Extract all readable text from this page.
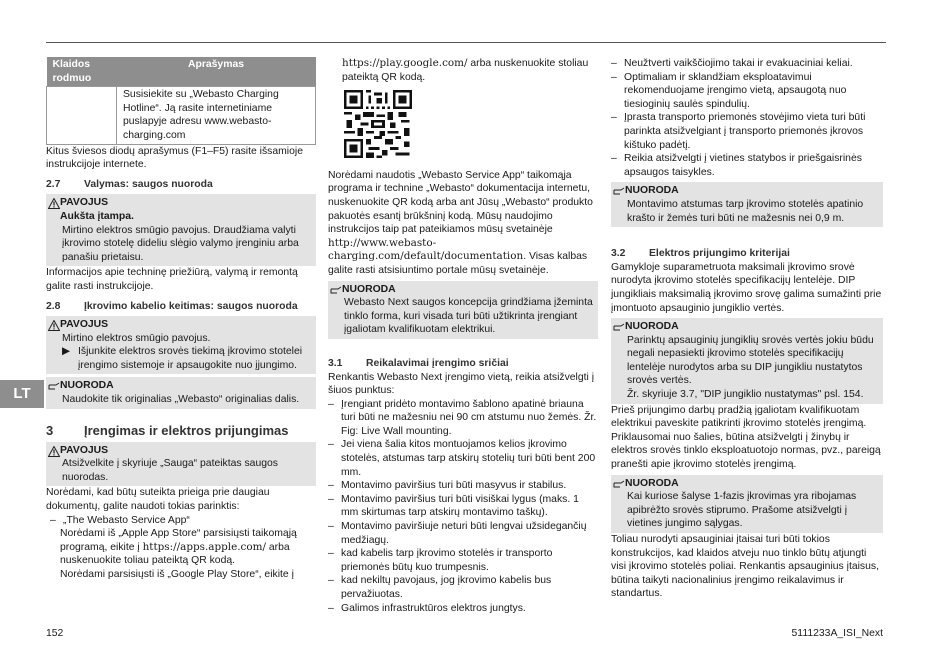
LT
Klaidos rodmuo	Aprašymas
	Susisiekite su „Webasto Charging Hotline“. Ją rasite internetiniame puslapyje adresu www.webasto-charging.com

Kitus šviesos diodų aprašymus (F1–F5) rasite išsamioje instrukcijoje internete.

2.7	Valymas: saugos nuoroda
PAVOJUS
Aukšta įtampa.
Mirtino elektros smūgio pavojus. Draudžiama valyti įkrovimo stotelę dideliu slėgio valymo įrenginiu arba panašiu prietaisu.

Informacijos apie techninę priežiūrą, valymą ir remontą galite rasti instrukcijoje.

2.8	Įkrovimo kabelio keitimas: saugos nuoroda
PAVOJUS
Mirtino elektros smūgio pavojus.
▶ Išjunkite elektros srovės tiekimą įkrovimo stotelei įrengimo sistemoje ir apsaugokite nuo įjungimo.
NUORODA
Naudokite tik originalias „Webasto“ originalias dalis.
3	Įrengimas ir elektros prijungimas
PAVOJUS
Atsižvelkite į skyriuje „Sauga“ pateiktas saugos nuorodas.

Norėdami, kad būtų suteikta prieiga prie daugiau dokumentų, galite naudoti tokias parinktis:

– „The Webasto Service App“

Norėdami iš „Apple App Store“ parsisiųsti taikomąją programą, eikite į https://apps.apple.com/ arba nuskenuokite toliau pateiktą QR kodą.

Norėdami parsisiųsti iš „Google Play Store“, eikite į

https://play.google.com/ arba nuskenuokite stoliau pateiktą QR kodą.

Norėdami naudotis „Webasto Service App“ taikomąja programa ir technine „Webasto“ dokumentacija internetu, nuskenuokite QR kodą arba ant Jūsų „Webasto“ produkto pakuotės esantį brūkšninį kodą. Mūsų naudojimo instrukcijos taip pat pateikiamos mūsų svetainėje http://www.webasto-charging.com/default/documentation. Visas kalbas galite rasti atsisiuntimo portale mūsų svetainėje.

NUORODA
Webasto Next saugos koncepcija grindžiama įžeminta tinklo forma, kuri visada turi būti užtikrinta įrengiant įgaliotam kvalifikuotam elektrikui.
3.1	Reikalavimai įrengimo sričiai

Renkantis Webasto Next įrengimo vietą, reikia atsižvelgti į šiuos punktus:

– Įrengiant pridėto montavimo šablono apatinė briauna turi būti ne mažesniu nei 90 cm atstumu nuo žemės. Žr. Fig: Live Wall mounting.
– Jei viena šalia kitos montuojamos kelios įkrovimo stotelės, atstumas tarp atskirų stotelių turi būti bent 200 mm.
– Montavimo paviršius turi būti masyvus ir stabilus.
– Montavimo paviršius turi būti visiškai lygus (maks. 1 mm skirtumas tarp atskirų montavimo taškų).
– Montavimo paviršiuje neturi būti lengvai užsidegančių medžiagų.
– kad kabelis tarp įkrovimo stotelės ir transporto priemonės būtų kuo trumpesnis.
– kad nekiltų pavojaus, jog įkrovimo kabelis bus pervažiuotas.
– Galimos infrastruktūros elektros jungtys.
– Neužtverti vaikščiojimo takai ir evakuaciniai keliai.
– Optimaliam ir sklandžiam eksploatavimui rekomenduojame įrengimo vietą, apsaugotą nuo tiesioginių saulės spindulių.
– Įprasta transporto priemonės stovėjimo vieta turi būti parinkta atsižvelgiant į transporto priemonės įkrovos kištuko padėtį.
– Reikia atsižvelgti į vietines statybos ir priešgaisrinės apsaugos taisykles.
NUORODA
Montavimo atstumas tarp įkrovimo stotelės apatinio krašto ir žemės turi būti ne mažesnis nei 0,9 m.
3.2	Elektros prijungimo kriterijai

Gamykloje suparametruota maksimali įkrovimo srovė nurodyta įkrovimo stotelės specifikacijų lentelėje. DIP jungikliais maksimalią įkrovimo srovę galima sumažinti prie įmontuoto apsauginio jungiklio vertės.

NUORODA
Parinktų apsauginių jungiklių srovės vertės jokiu būdu negali nepasiekti įkrovimo stotelės specifikacijų lentelėje nurodytos arba su DIP jungikliu nustatytos srovės vertės.
Žr. skyriuje 3.7, "DIP jungiklio nustatymas" psl. 154.

Prieš prijungimo darbų pradžią įgaliotam kvalifikuotam elektrikui paveskite patikrinti įkrovimo stotelės įrengimą. Priklausomai nuo šalies, būtina atsižvelgti į žinybų ir elektros srovės tinklo eksploatuotojo normas, pvz., pareigą pranešti apie įkrovimo stotelės įrengimą.

NUORODA
Kai kuriose šalyse 1-fazis įkrovimas yra ribojamas apibrėžto srovės stiprumo. Prašome atsižvelgti į vietines jungimo sąlygas.

Toliau nurodyti apsauginiai įtaisai turi būti tokios konstrukcijos, kad klaidos atveju nuo tinklo būtų atjungti visi įkrovimo stotelės poliai. Renkantis apsauginius įtaisus, būtina taikyti nacionalinius įrengimo reikalavimus ir standartus.

152	5111233A_ISI_Next
